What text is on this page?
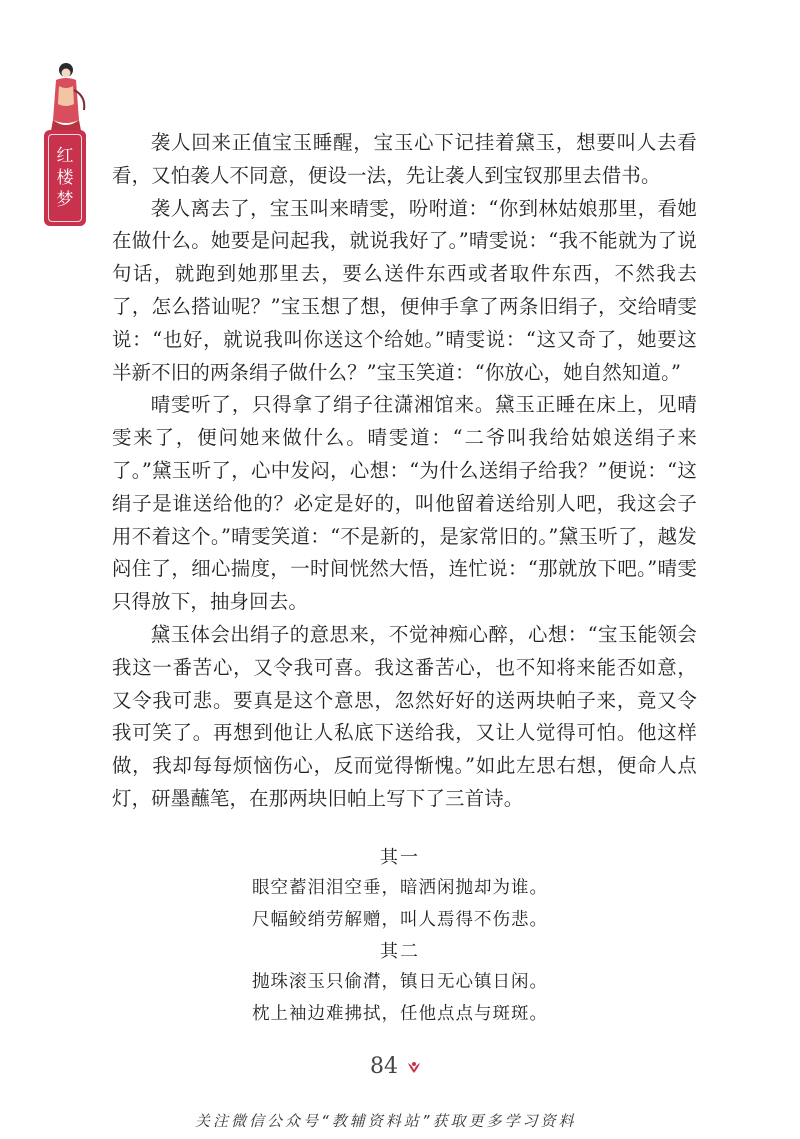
红
楼
梦

袭人回来正值宝玉睡醒，宝玉心下记挂着黛玉，想要叫人去看看，又怕袭人不同意，便设一法，先让袭人到宝钗那里去借书。

袭人离去了，宝玉叫来晴雯，吩咐道：“你到林姑娘那里，看她在做什么。她要是问起我，就说我好了。”晴雯说：“我不能就为了说句话，就跑到她那里去，要么送件东西或者取件东西，不然我去了，怎么搭讪呢？”宝玉想了想，便伸手拿了两条旧绢子，交给晴雯说：“也好，就说我叫你送这个给她。”晴雯说：“这又奇了，她要这半新不旧的两条绢子做什么？”宝玉笑道：“你放心，她自然知道。”

晴雯听了，只得拿了绢子往潇湘馆来。黛玉正睡在床上，见晴雯来了，便问她来做什么。晴雯道：“二爷叫我给姑娘送绢子来了。”黛玉听了，心中发闷，心想：“为什么送绢子给我？”便说：“这绢子是谁送给他的？必定是好的，叫他留着送给别人吧，我这会子用不着这个。”晴雯笑道：“不是新的，是家常旧的。”黛玉听了，越发闷住了，细心揣度，一时间恍然大悟，连忙说：“那就放下吧。”晴雯只得放下，抽身回去。

黛玉体会出绢子的意思来，不觉神痴心醉，心想：“宝玉能领会我这一番苦心，又令我可喜。我这番苦心，也不知将来能否如意，又令我可悲。要真是这个意思，忽然好好的送两块帕子来，竟又令我可笑了。再想到他让人私底下送给我，又让人觉得可怕。他这样做，我却每每烦恼伤心，反而觉得惭愧。”如此左思右想，便命人点灯，研墨蘸笔，在那两块旧帕上写下了三首诗。

其一

眼空蓄泪泪空垂，暗洒闲抛却为谁。

尺幅鲛绡劳解赠，叫人焉得不伤悲。

其二

抛珠滚玉只偷潸，镇日无心镇日闲。

枕上袖边难拂拭，任他点点与斑斑。

84
关注微信公众号“教辅资料站”获取更多学习资料
